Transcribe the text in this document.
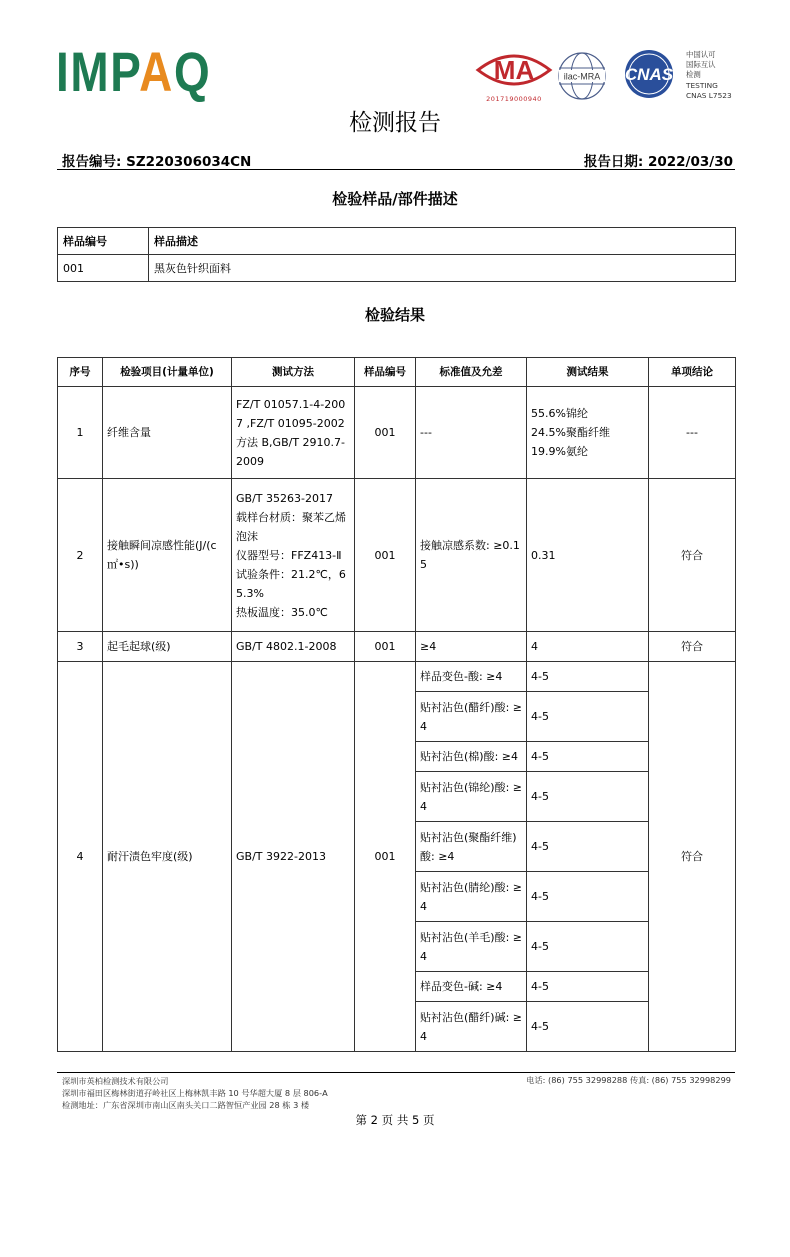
IMPAQ	MA
201719000940
ilac-MRA CNAS
中国认可
国际互认
检测
TESTING
CNAS L7523
检测报告
报告编号: SZ220306034CN	报告日期: 2022/03/30
检验样品/部件描述
样品编号	样品描述
001	黑灰色针织面料
检验结果
序号	检验项目(计量单位)	测试方法	样品编号	标准值及允差	测试结果	单项结论
1	纤维含量	FZ/T 01057.1-4-2007 ,FZ/T 01095-2002 方法 B,GB/T 2910.7-2009	001	---	55.6%锦纶
24.5%聚酯纤维
19.9%氨纶	---
2	接触瞬间凉感性能(J/(c㎡•s))	GB/T 35263-2017
载样台材质：聚苯乙烯泡沫
仪器型号：FFZ413-Ⅱ
试验条件：21.2℃，65.3%
热板温度：35.0℃	001	接触凉感系数: ≥0.15	0.31	符合
3	起毛起球(级)	GB/T 4802.1-2008	001	≥4	4	符合
4	耐汗渍色牢度(级)	GB/T 3922-2013	001	样品变色-酸: ≥4	4-5	符合
				贴衬沾色(醋纤)酸: ≥4	4-5	
				贴衬沾色(棉)酸: ≥4	4-5	
				贴衬沾色(锦纶)酸: ≥4	4-5	
				贴衬沾色(聚酯纤维)酸: ≥4	4-5	
				贴衬沾色(腈纶)酸: ≥4	4-5	
				贴衬沾色(羊毛)酸: ≥4	4-5	
				样品变色-碱: ≥4	4-5	
				贴衬沾色(醋纤)碱: ≥4	4-5	
深圳市英柏检测技术有限公司
深圳市福田区梅林街道孖岭社区上梅林凯丰路 10 号华超大厦 8 层 806-A
检测地址：广东省深圳市南山区南头关口二路智恒产业园 28 栋 3 楼
电话: (86) 755 32998288 传真: (86) 755 32998299
第 2 页 共 5 页
